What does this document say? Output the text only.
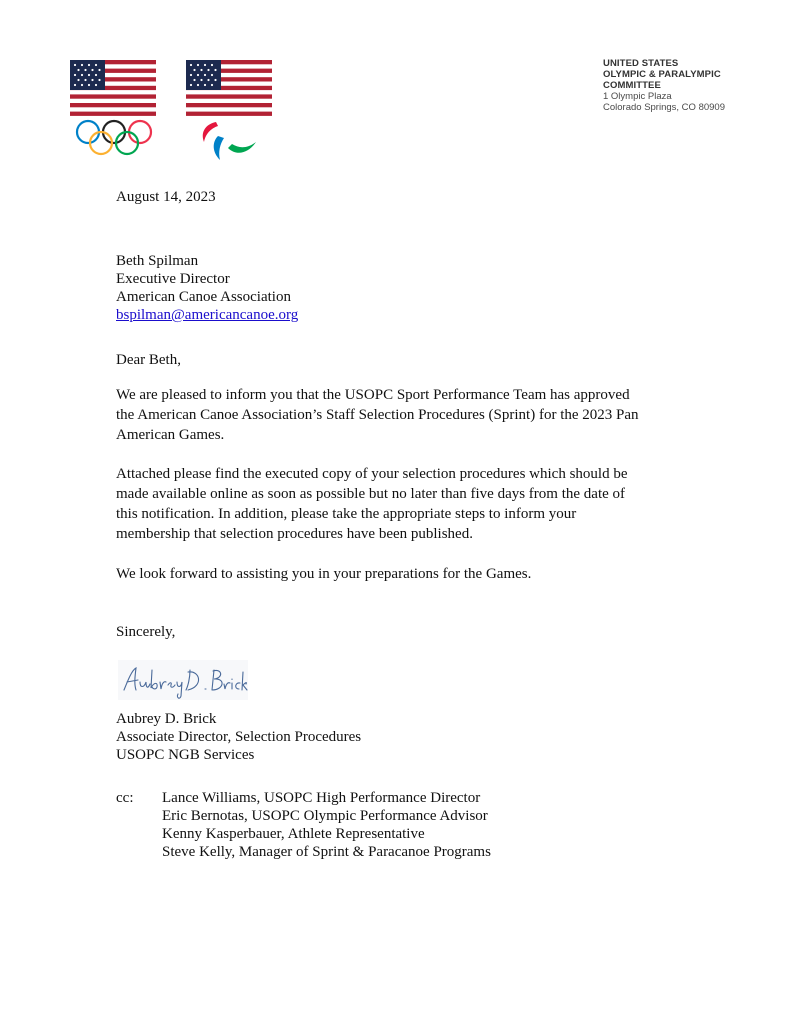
UNITED STATES
OLYMPIC & PARALYMPIC
COMMITTEE
1 Olympic Plaza
Colorado Springs, CO 80909
August 14, 2023
Beth Spilman
Executive Director
American Canoe Association
bspilman@americancanoe.org
Dear Beth,
We are pleased to inform you that the USOPC Sport Performance Team has approved
the American Canoe Association’s Staff Selection Procedures (Sprint) for the 2023 Pan
American Games.
Attached please find the executed copy of your selection procedures which should be
made available online as soon as possible but no later than five days from the date of
this notification. In addition, please take the appropriate steps to inform your
membership that selection procedures have been published.
We look forward to assisting you in your preparations for the Games.
Sincerely,
Aubrey D. Brick
Associate Director, Selection Procedures
USOPC NGB Services
cc: Lance Williams, USOPC High Performance Director
Eric Bernotas, USOPC Olympic Performance Advisor
Kenny Kasperbauer, Athlete Representative
Steve Kelly, Manager of Sprint & Paracanoe Programs
